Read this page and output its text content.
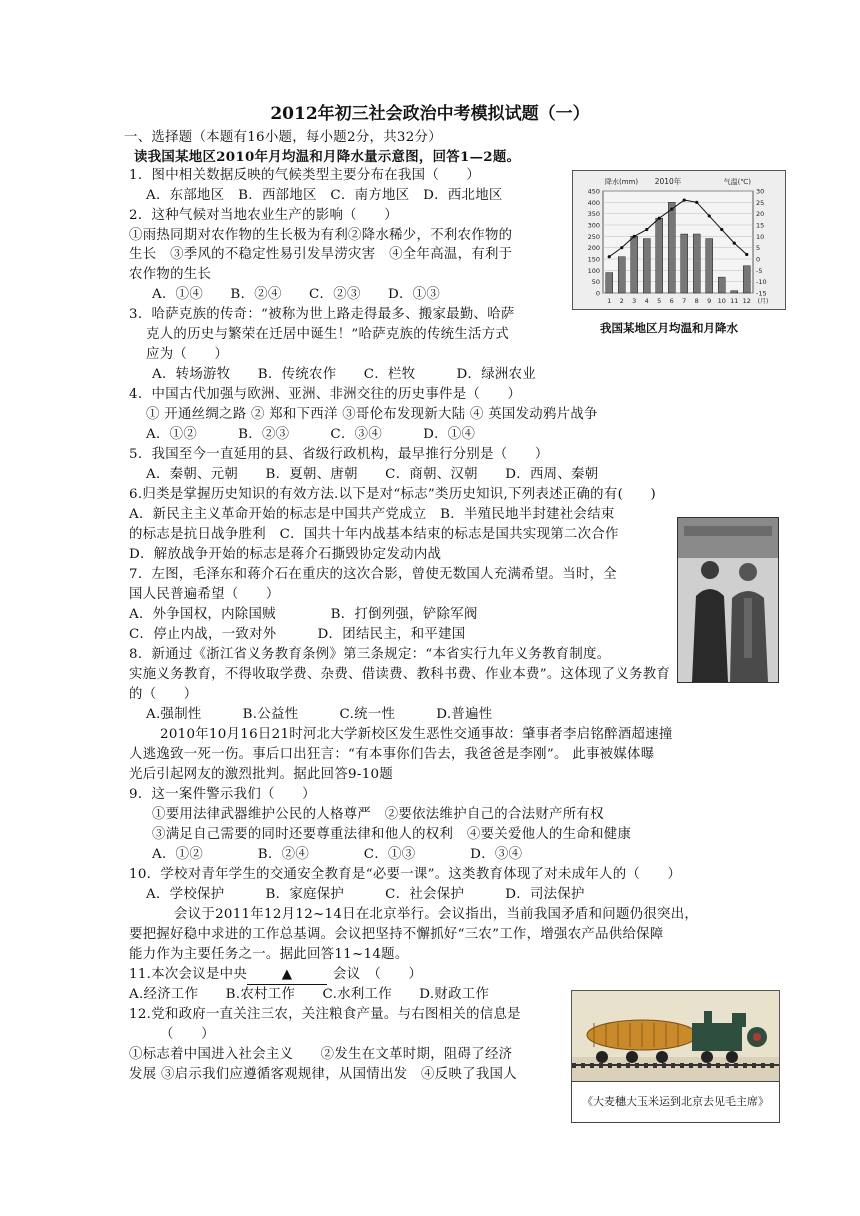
2012年初三社会政治中考模拟试题（一）
一、选择题（本题有16小题，每小题2分，共32分）
读我国某地区2010年月均温和月降水量示意图，回答1—2题。
1．图中相关数据反映的气候类型主要分布在我国（　　）
A．东部地区　B．西部地区　C．南方地区　D．西北地区
2．这种气候对当地农业生产的影响（　　）
①雨热同期对农作物的生长极为有利②降水稀少，不利农作物的
生长　③季风的不稳定性易引发旱涝灾害　④全年高温，有利于
农作物的生长
A．①④　　B．②④　　C．②③　　D．①③
3．哈萨克族的传奇：“被称为世上路走得最多、搬家最勤、哈萨
克人的历史与繁荣在迁居中诞生！”哈萨克族的传统生活方式
应为（　　）
A．转场游牧　　B．传统农作　　C．栏牧　　　D．绿洲农业
4．中国古代加强与欧洲、亚洲、非洲交往的历史事件是（　　）
① 开通丝绸之路 ② 郑和下西洋 ③哥伦布发现新大陆 ④ 英国发动鸦片战争
A．①②　　　B．②③　　　C．③④　　　D．①④
5．我国至今一直延用的县、省级行政机构，最早推行分别是（　　）
A．秦朝、元朝　　B．夏朝、唐朝　　C．商朝、汉朝　　D．西周、秦朝
6.归类是掌握历史知识的有效方法.以下是对“标志”类历史知识,下列表述正确的有(　　)
A．新民主主义革命开始的标志是中国共产党成立　B．半殖民地半封建社会结束
的标志是抗日战争胜利　C．国共十年内战基本结束的标志是国共实现第二次合作
D．解放战争开始的标志是蒋介石撕毁协定发动内战
7．左图，毛泽东和蒋介石在重庆的这次合影，曾使无数国人充满希望。当时，全
国人民普遍希望（　　）
A．外争国权，内除国贼　　　　B．打倒列强，铲除军阀
C．停止内战，一致对外　　　D．团结民主，和平建国
8．新通过《浙江省义务教育条例》第三条规定：“本省实行九年义务教育制度。
实施义务教育，不得收取学费、杂费、借读费、教科书费、作业本费”。这体现了义务教育
的（　　）
A.强制性　　　B.公益性　　　C.统一性　　　D.普遍性
2010年10月16日21时河北大学新校区发生恶性交通事故：肇事者李启铭醉酒超速撞
人逃逸致一死一伤。事后口出狂言：“有本事你们告去，我爸爸是李刚”。 此事被媒体曝
光后引起网友的激烈批判。据此回答9-10题
9．这一案件警示我们（　　）
①要用法律武器维护公民的人格尊严　②要依法维护自己的合法财产所有权
③满足自己需要的同时还要尊重法律和他人的权利　④要关爱他人的生命和健康
A．①②　　　　B．②④　　　　C．①③　　　　D．③④
10．学校对青年学生的交通安全教育是“必要一课”。这类教育体现了对未成年人的（　　）
A．学校保护　　　B．家庭保护　　　C．社会保护　　　D．司法保护
会议于2011年12月12~14日在北京举行。会议指出，当前我国矛盾和问题仍很突出，
要把握好稳中求进的工作总基调。会议把坚持不懈抓好“三农”工作，增强农产品供给保障
能力作为主要任务之一。据此回答11~14题。
11.本次会议是中央	▲	会议　（　　）
A.经济工作　　B.农村工作　　C.水利工作　　D.财政工作
12.党和政府一直关注三农，关注粮食产量。与右图相关的信息是
（　　）
①标志着中国进入社会主义　　②发生在文革时期，阻碍了经济
发展 ③启示我们应遵循客观规律，从国情出发　④反映了我国人
450
400
350
300
250
200
150
100
50
0
30
25
20
15
10
5
0
-5
-10
-15
1 2 3 4 5 6 7 8 9 10 11 12 (月)
降水(mm)	气温(℃)
2010年
我国某地区月均温和月降水
《大麦穗大玉米运到北京去见毛主席》
